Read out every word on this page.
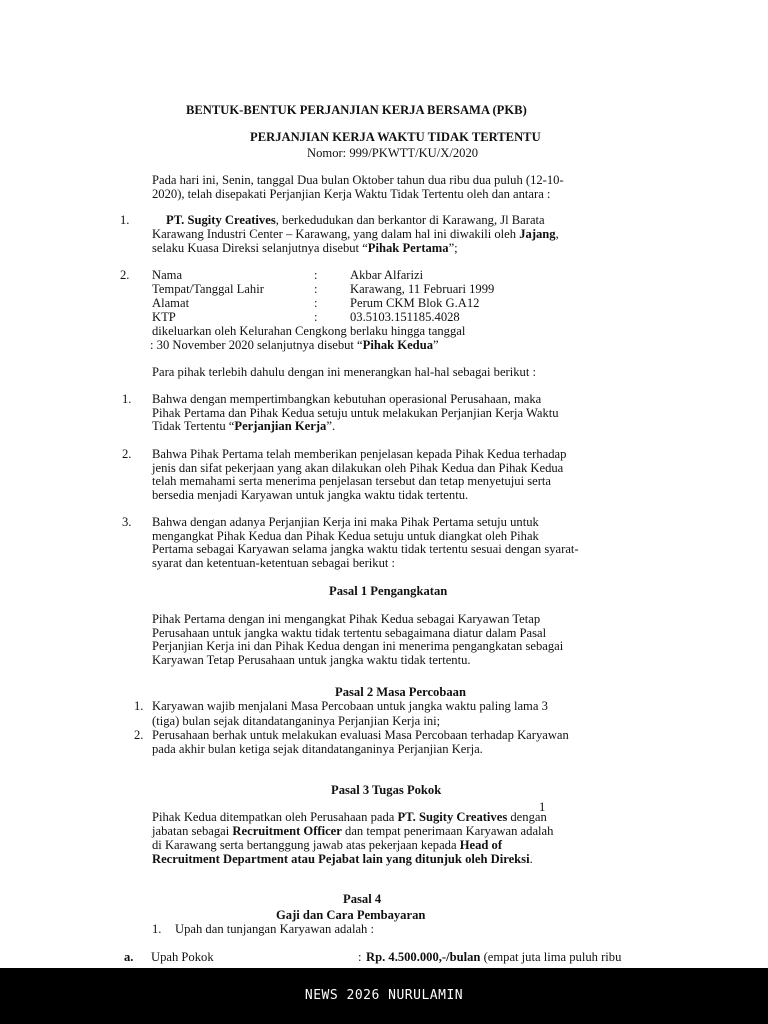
BENTUK-BENTUK PERJANJIAN KERJA BERSAMA (PKB)
PERJANJIAN KERJA WAKTU TIDAK TERTENTU
Nomor: 999/PKWTT/KU/X/2020
Pada hari ini, Senin, tanggal Dua bulan Oktober tahun dua ribu dua puluh (12-10-
2020), telah disepakati Perjanjian Kerja Waktu Tidak Tertentu oleh dan antara :
1.	PT. Sugity Creatives, berkedudukan dan berkantor di Karawang, Jl Barata
Karawang Industri Center – Karawang, yang dalam hal ini diwakili oleh Jajang,
selaku Kuasa Direksi selanjutnya disebut “Pihak Pertama”;
2. Nama	:	Akbar Alfarizi
Tempat/Tanggal Lahir	:	Karawang, 11 Februari 1999
Alamat	:	Perum CKM Blok G.A12
KTP	:	03.5103.151185.4028
dikeluarkan oleh Kelurahan Cengkong berlaku hingga tanggal
: 30 November 2020 selanjutnya disebut “Pihak Kedua”
Para pihak terlebih dahulu dengan ini menerangkan hal-hal sebagai berikut :
1. Bahwa dengan mempertimbangkan kebutuhan operasional Perusahaan, maka
Pihak Pertama dan Pihak Kedua setuju untuk melakukan Perjanjian Kerja Waktu
Tidak Tertentu “Perjanjian Kerja”.
2. Bahwa Pihak Pertama telah memberikan penjelasan kepada Pihak Kedua terhadap
jenis dan sifat pekerjaan yang akan dilakukan oleh Pihak Kedua dan Pihak Kedua
telah memahami serta menerima penjelasan tersebut dan tetap menyetujui serta
bersedia menjadi Karyawan untuk jangka waktu tidak tertentu.
3. Bahwa dengan adanya Perjanjian Kerja ini maka Pihak Pertama setuju untuk
mengangkat Pihak Kedua dan Pihak Kedua setuju untuk diangkat oleh Pihak
Pertama sebagai Karyawan selama jangka waktu tidak tertentu sesuai dengan syarat-
syarat dan ketentuan-ketentuan sebagai berikut :
Pasal 1 Pengangkatan
Pihak Pertama dengan ini mengangkat Pihak Kedua sebagai Karyawan Tetap
Perusahaan untuk jangka waktu tidak tertentu sebagaimana diatur dalam Pasal
Perjanjian Kerja ini dan Pihak Kedua dengan ini menerima pengangkatan sebagai
Karyawan Tetap Perusahaan untuk jangka waktu tidak tertentu.
Pasal 2 Masa Percobaan
1. Karyawan wajib menjalani Masa Percobaan untuk jangka waktu paling lama 3
(tiga) bulan sejak ditandatanganinya Perjanjian Kerja ini;
2. Perusahaan berhak untuk melakukan evaluasi Masa Percobaan terhadap Karyawan
pada akhir bulan ketiga sejak ditandatanganinya Perjanjian Kerja.
Pasal 3 Tugas Pokok
1
Pihak Kedua ditempatkan oleh Perusahaan pada PT. Sugity Creatives dengan
jabatan sebagai Recruitment Officer dan tempat penerimaan Karyawan adalah
di Karawang serta bertanggung jawab atas pekerjaan kepada Head of
Recruitment Department atau Pejabat lain yang ditunjuk oleh Direksi.
Pasal 4
Gaji dan Cara Pembayaran
1. Upah dan tunjangan Karyawan adalah :
a. Upah Pokok	: Rp. 4.500.000,-/bulan (empat juta lima puluh ribu
NEWS 2026 NURULAMIN
